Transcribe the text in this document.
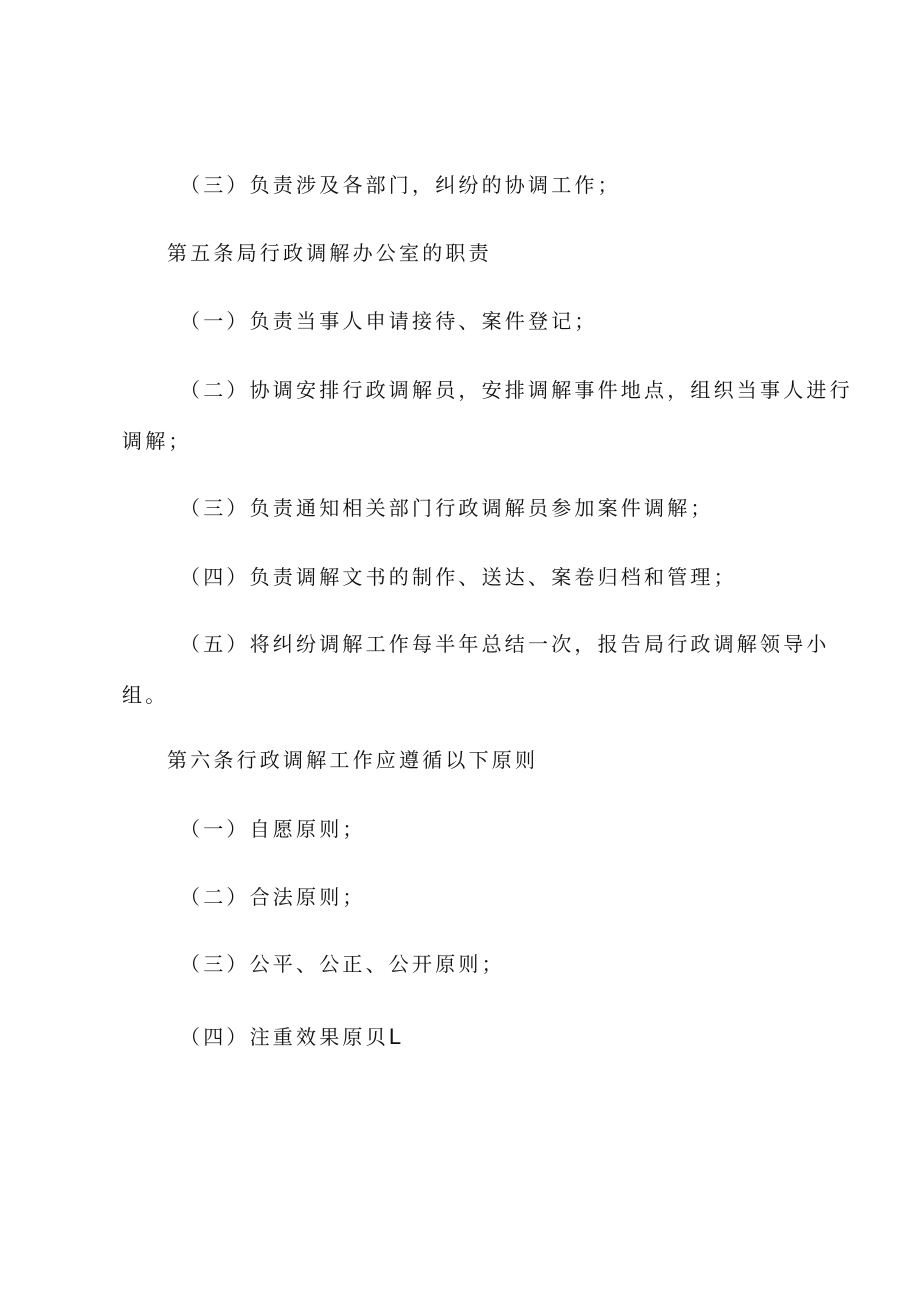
（三）负责涉及各部门，纠纷的协调工作；
第五条局行政调解办公室的职责
（一）负责当事人申请接待、案件登记；
（二）协调安排行政调解员，安排调解事件地点，组织当事人进行
调解；
（三）负责通知相关部门行政调解员参加案件调解；
（四）负责调解文书的制作、送达、案卷归档和管理；
（五）将纠纷调解工作每半年总结一次，报告局行政调解领导小
组。
第六条行政调解工作应遵循以下原则
（一）自愿原则；
（二）合法原则；
（三）公平、公正、公开原则；
（四）注重效果原贝L
